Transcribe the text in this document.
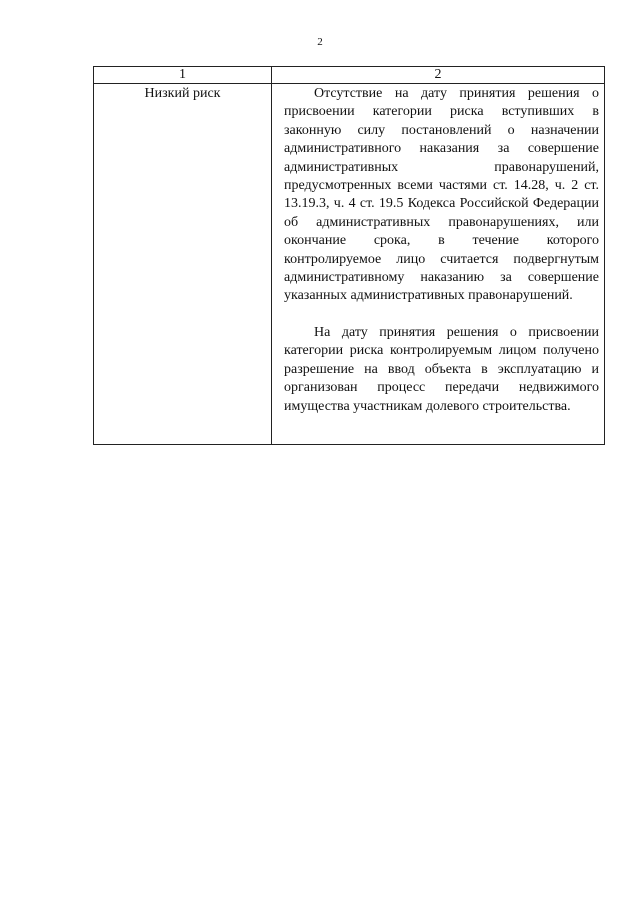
2
1	2
Низкий риск	Отсутствие на дату принятия решения о присвоении категории риска вступивших в законную силу постановлений о назначении административного наказания за совершение административных правонарушений, предусмотренных всеми частями ст. 14.28, ч. 2 ст. 13.19.3, ч. 4 ст. 19.5 Кодекса Российской Федерации об административных правонарушениях, или окончание срока, в течение которого контролируемое лицо считается подвергнутым административному наказанию за совершение указанных административных правонарушений.

На дату принятия решения о присвоении категории риска контролируемым лицом получено разрешение на ввод объекта в эксплуатацию и организован процесс передачи недвижимого имущества участникам долевого строительства.
